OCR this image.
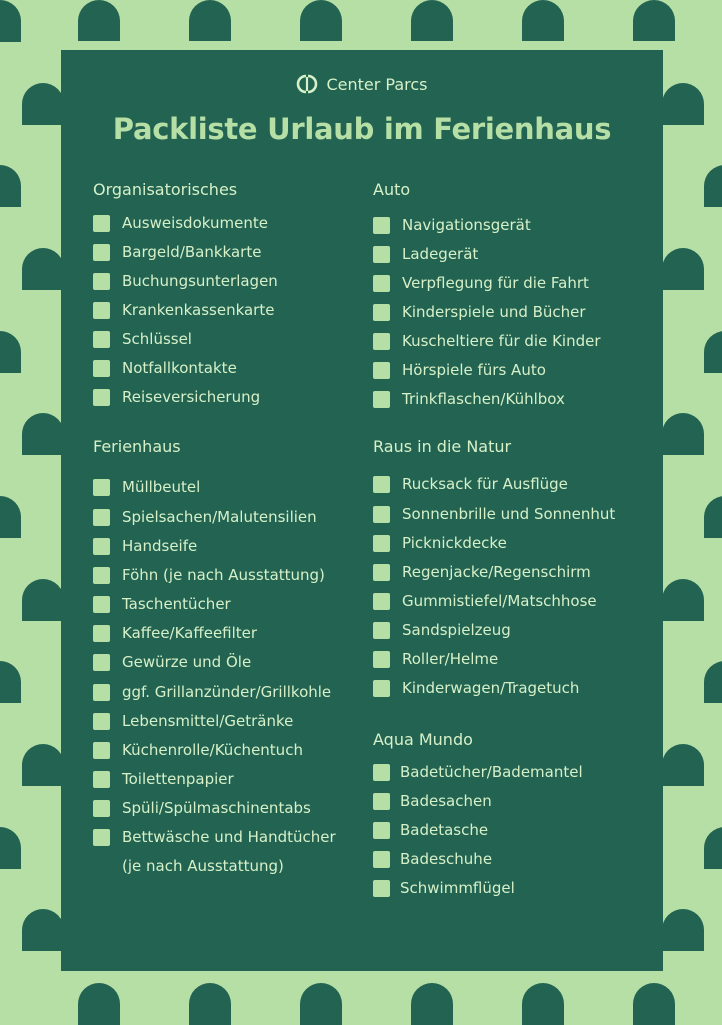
Center Parcs
Packliste Urlaub im Ferienhaus
Organisatorisches
Ausweisdokumente
Bargeld/Bankkarte
Buchungsunterlagen
Krankenkassenkarte
Schlüssel
Notfallkontakte
Reiseversicherung
Auto
Navigationsgerät
Ladegerät
Verpflegung für die Fahrt
Kinderspiele und Bücher
Kuscheltiere für die Kinder
Hörspiele fürs Auto
Trinkflaschen/Kühlbox
Ferienhaus
Müllbeutel
Spielsachen/Malutensilien
Handseife
Föhn (je nach Ausstattung)
Taschentücher
Kaffee/Kaffeefilter
Gewürze und Öle
ggf. Grillanzünder/Grillkohle
Lebensmittel/Getränke
Küchenrolle/Küchentuch
Toilettenpapier
Spüli/Spülmaschinentabs
Bettwäsche und Handtücher
(je nach Ausstattung)
Raus in die Natur
Rucksack für Ausflüge
Sonnenbrille und Sonnenhut
Picknickdecke
Regenjacke/Regenschirm
Gummistiefel/Matschhose
Sandspielzeug
Roller/Helme
Kinderwagen/Tragetuch
Aqua Mundo
Badetücher/Bademantel
Badesachen
Badetasche
Badeschuhe
Schwimmflügel
